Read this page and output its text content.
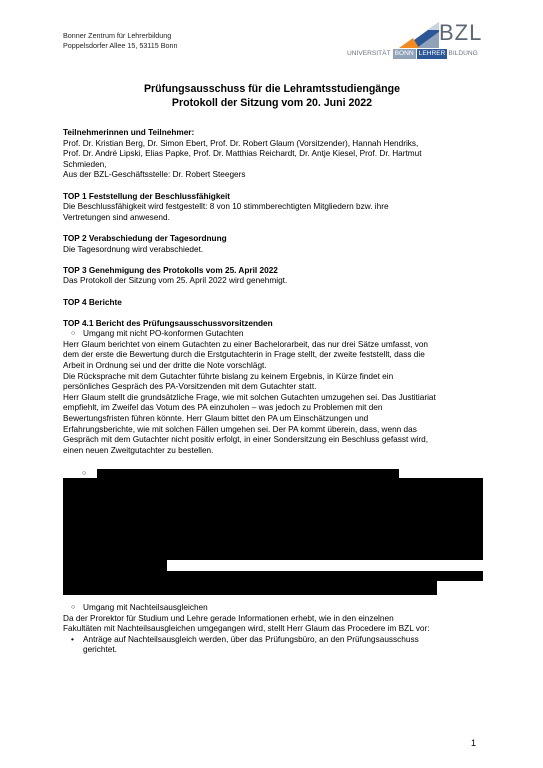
Bonner Zentrum für Lehrerbildung
Poppelsdorfer Allee 15, 53115 Bonn
BZL
UNIVERSITÄT BONN LEHRER BILDUNG
Prüfungsausschuss für die Lehramtsstudiengänge
Protokoll der Sitzung vom 20. Juni 2022

Teilnehmerinnen und Teilnehmer:

Prof. Dr. Kristian Berg, Dr. Simon Ebert, Prof. Dr. Robert Glaum (Vorsitzender), Hannah Hendriks,

Prof. Dr. André Lipski, Elias Papke, Prof. Dr. Matthias Reichardt, Dr. Antje Kiesel, Prof. Dr. Hartmut

Schmieden,

Aus der BZL-Geschäftsstelle: Dr. Robert Steegers

TOP 1 Feststellung der Beschlussfähigkeit

Die Beschlussfähigkeit wird festgestellt: 8 von 10 stimmberechtigten Mitgliedern bzw. ihre

Vertretungen sind anwesend.

TOP 2 Verabschiedung der Tagesordnung

Die Tagesordnung wird verabschiedet.

TOP 3 Genehmigung des Protokolls vom 25. April 2022

Das Protokoll der Sitzung vom 25. April 2022 wird genehmigt.

TOP 4 Berichte

TOP 4.1 Bericht des Prüfungsausschussvorsitzenden

○ Umgang mit nicht PO-konformen Gutachten

Herr Glaum berichtet von einem Gutachten zu einer Bachelorarbeit, das nur drei Sätze umfasst, von

dem der erste die Bewertung durch die Erstgutachterin in Frage stellt, der zweite feststellt, dass die

Arbeit in Ordnung sei und der dritte die Note vorschlägt.

Die Rücksprache mit dem Gutachter führte bislang zu keinem Ergebnis, in Kürze findet ein

persönliches Gespräch des PA-Vorsitzenden mit dem Gutachter statt.

Herr Glaum stellt die grundsätzliche Frage, wie mit solchen Gutachten umzugehen sei. Das Justitiariat

empfiehlt, im Zweifel das Votum des PA einzuholen – was jedoch zu Problemen mit den

Bewertungsfristen führen könnte. Herr Glaum bittet den PA um Einschätzungen und

Erfahrungsberichte, wie mit solchen Fällen umgehen sei. Der PA kommt überein, dass, wenn das

Gespräch mit dem Gutachter nicht positiv erfolgt, in einer Sondersitzung ein Beschluss gefasst wird,

einen neuen Zweitgutachter zu bestellen.

○

○ Umgang mit Nachteilsausgleichen

Da der Prorektor für Studium und Lehre gerade Informationen erhebt, wie in den einzelnen

Fakultäten mit Nachteilsausgleichen umgegangen wird, stellt Herr Glaum das Procedere im BZL vor:

• Anträge auf Nachteilsausgleich werden, über das Prüfungsbüro, an den Prüfungsausschuss

gerichtet.

1
